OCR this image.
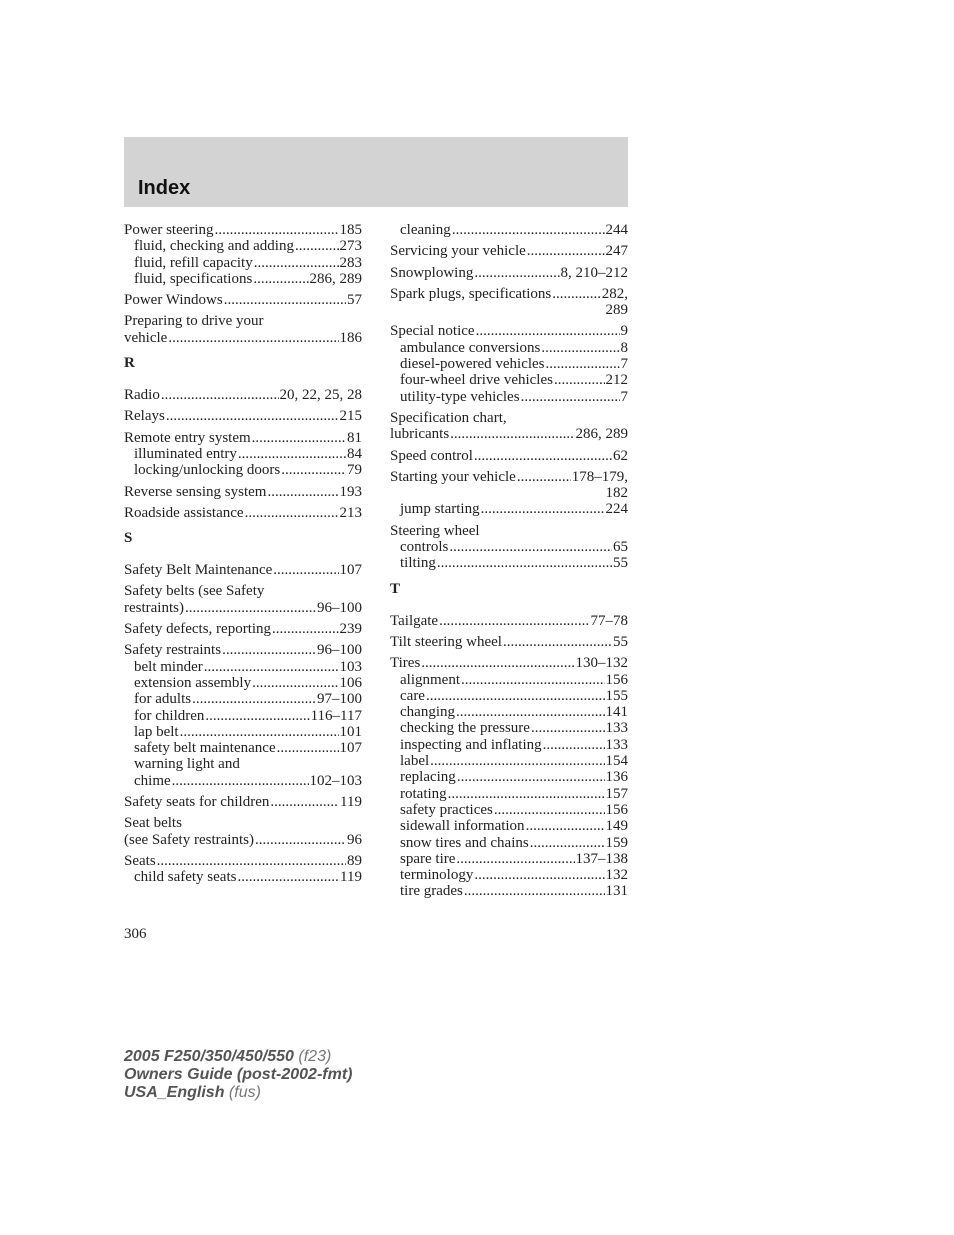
Index
Power steering .....	185
fluid, checking and adding .....	273
fluid, refill capacity .....	283
fluid, specifications .....	286, 289
Power Windows .....	57
Preparing to drive your
vehicle .....	186
R
Radio .....	20, 22, 25, 28
Relays .....	215
Remote entry system .....	81
illuminated entry .....	84
locking/unlocking doors .....	79
Reverse sensing system .....	193
Roadside assistance .....	213
S
Safety Belt Maintenance .....	107
Safety belts (see Safety
restraints) .....	96–100
Safety defects, reporting .....	239
Safety restraints .....	96–100
belt minder .....	103
extension assembly .....	106
for adults .....	97–100
for children .....	116–117
lap belt .....	101
safety belt maintenance .....	107
warning light and
chime .....	102–103
Safety seats for children .....	119
Seat belts
(see Safety restraints) .....	96
Seats .....	89
child safety seats .....	119
cleaning .....	244
Servicing your vehicle .....	247
Snowplowing .....	8, 210–212
Spark plugs, specifications .....	282,
289
Special notice .....	9
ambulance conversions .....	8
diesel-powered vehicles .....	7
four-wheel drive vehicles .....	212
utility-type vehicles .....	7
Specification chart,
lubricants .....	286, 289
Speed control .....	62
Starting your vehicle .....	178–179,
182
jump starting .....	224
Steering wheel
controls .....	65
tilting .....	55
T
Tailgate .....	77–78
Tilt steering wheel .....	55
Tires .....	130–132
alignment .....	156
care .....	155
changing .....	141
checking the pressure .....	133
inspecting and inflating .....	133
label .....	154
replacing .....	136
rotating .....	157
safety practices .....	156
sidewall information .....	149
snow tires and chains .....	159
spare tire .....	137–138
terminology .....	132
tire grades .....	131
306
2005 F250/350/450/550 (f23)
Owners Guide (post-2002-fmt)
USA_English (fus)
